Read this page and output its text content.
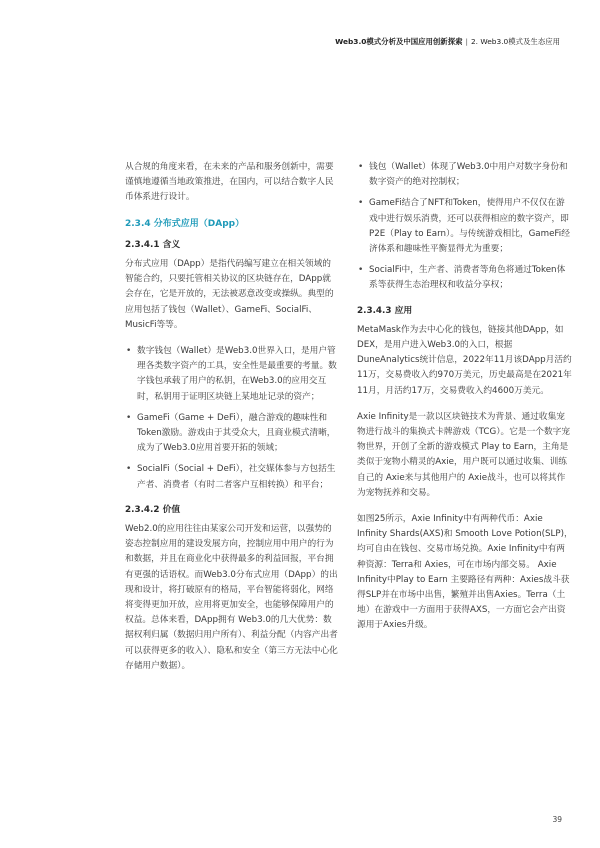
Web3.0模式分析及中国应用创新探索 | 2. Web3.0模式及生态应用

从合规的角度来看，在未来的产品和服务创新中，需要谨慎地遵循当地政策推进，在国内，可以结合数字人民币体系进行设计。

2.3.4 分布式应用（DApp）
2.3.4.1 含义

分布式应用（DApp）是指代码编写建立在相关领域的智能合约，只要托管相关协议的区块链存在，DApp就会存在，它是开放的，无法被恶意改变或操纵。典型的应用包括了钱包（Wallet）、GameFi、SocialFi、MusicFi等等。

• 数字钱包（Wallet）是Web3.0世界入口，是用户管理各类数字资产的工具，安全性是最重要的考量。数字钱包承载了用户的私钥，在Web3.0的应用交互时，私钥用于证明区块链上某地址记录的资产；
• GameFi（Game + DeFi），融合游戏的趣味性和Token激励。游戏由于其受众大，且商业模式清晰，成为了Web3.0应用首要开拓的领域；
• SocialFi（Social + DeFi），社交媒体参与方包括生产者、消费者（有时二者客户互相转换）和平台；
2.3.4.2 价值

Web2.0的应用往往由某家公司开发和运营，以强势的姿态控制应用的建设发展方向，控制应用中用户的行为和数据，并且在商业化中获得最多的利益回报，平台拥有更强的话语权。而Web3.0分布式应用（DApp）的出现和设计，将打破原有的格局，平台智能将弱化，网络将变得更加开放，应用将更加安全，也能够保障用户的权益。总体来看，DApp拥有 Web3.0的几大优势：数据权利归属（数据归用户所有）、利益分配（内容产出者可以获得更多的收入）、隐私和安全（第三方无法中心化存储用户数据）。

• 钱包（Wallet）体现了Web3.0中用户对数字身份和数字资产的绝对控制权；
• GameFi结合了NFT和Token，使得用户不仅仅在游戏中进行娱乐消费，还可以获得相应的数字资产，即P2E（Play to Earn）。与传统游戏相比，GameFi经济体系和趣味性平衡显得尤为重要；
• SocialFi中，生产者、消费者等角色将通过Token体系等获得生态治理权和收益分享权；
2.3.4.3 应用

MetaMask作为去中心化的钱包，链接其他DApp，如DEX，是用户进入Web3.0的入口，根据DuneAnalytics统计信息，2022年11月该DApp月活约11万，交易费收入约970万美元，历史最高是在2021年11月，月活约17万，交易费收入约4600万美元。

Axie Infinity是一款以区块链技术为背景、通过收集宠物进行战斗的集换式卡牌游戏（TCG）。它是一个数字宠物世界，开创了全新的游戏模式 Play to Earn，主角是类似于宠物小精灵的Axie，用户既可以通过收集、训练自己的 Axie来与其他用户的 Axie战斗，也可以将其作为宠物抚养和交易。

如图25所示，Axie Infinity中有两种代币：Axie Infinity Shards(AXS)和 Smooth Love Potion(SLP)，均可自由在钱包、交易市场兑换。Axie Infinity中有两种资源：Terra和 Axies，可在市场内部交易。 Axie Infinity中Play to Earn 主要路径有两种：Axies战斗获得SLP并在市场中出售，繁殖并出售Axies。Terra（土地）在游戏中一方面用于获得AXS，一方面它会产出资源用于Axies升级。

39
